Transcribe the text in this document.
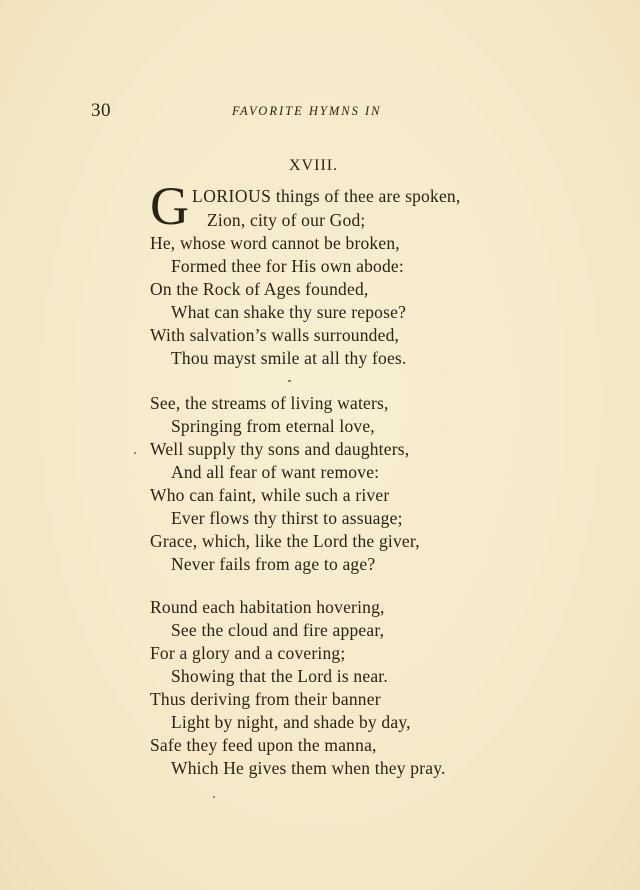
30	FAVORITE HYMNS IN
XVIII.
G LORIOUS things of thee are spoken,
Zion, city of our God;
He, whose word cannot be broken,
Formed thee for His own abode:
On the Rock of Ages founded,
What can shake thy sure repose?
With salvation’s walls surrounded,
Thou mayst smile at all thy foes.
See, the streams of living waters,
Springing from eternal love,
Well supply thy sons and daughters,
And all fear of want remove:
Who can faint, while such a river
Ever flows thy thirst to assuage;
Grace, which, like the Lord the giver,
Never fails from age to age?
Round each habitation hovering,
See the cloud and fire appear,
For a glory and a covering;
Showing that the Lord is near.
Thus deriving from their banner
Light by night, and shade by day,
Safe they feed upon the manna,
Which He gives them when they pray.
